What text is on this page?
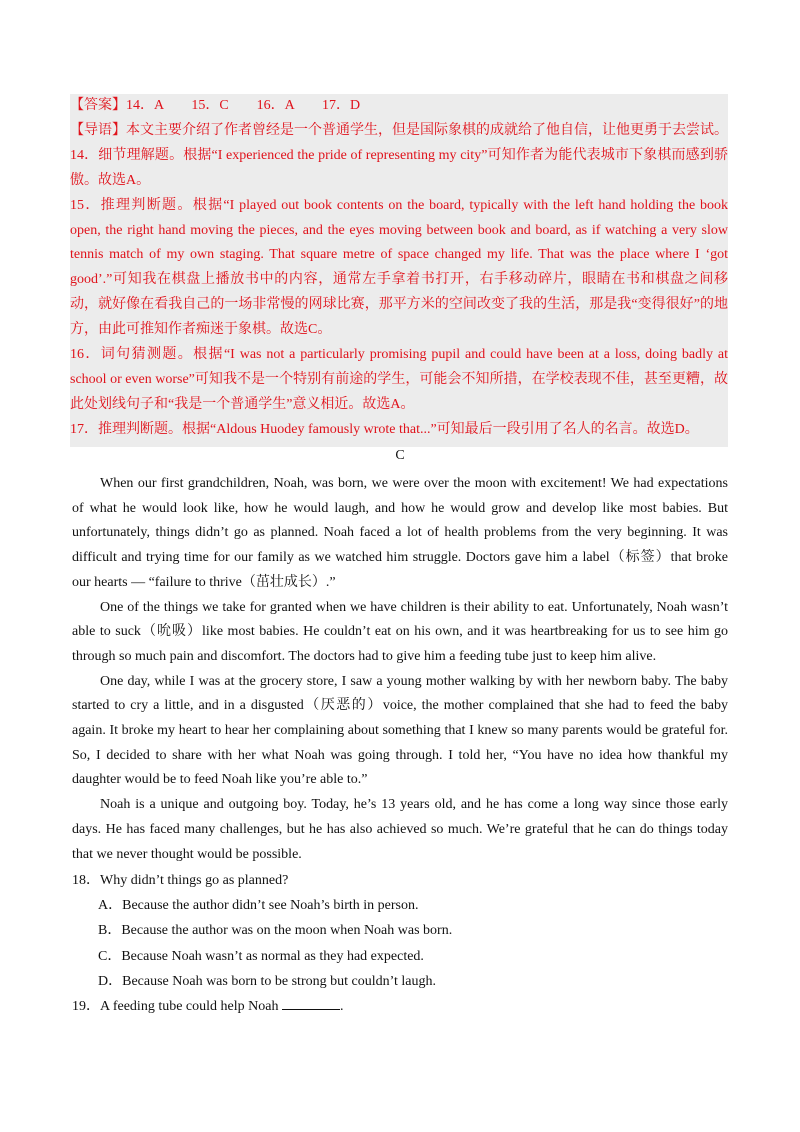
【答案】14．A　　15．C　　16．A　　17．D

【导语】本文主要介绍了作者曾经是一个普通学生，但是国际象棋的成就给了他自信，让他更勇于去尝试。

14．细节理解题。根据“I experienced the pride of representing my city”可知作者为能代表城市下象棋而感到骄傲。故选A。

15．推理判断题。根据“I played out book contents on the board, typically with the left hand holding the book open, the right hand moving the pieces, and the eyes moving between book and board, as if watching a very slow tennis match of my own staging. That square metre of space changed my life. That was the place where I ‘got good’.”可知我在棋盘上播放书中的内容，通常左手拿着书打开，右手移动碎片，眼睛在书和棋盘之间移动，就好像在看我自己的一场非常慢的网球比赛，那平方米的空间改变了我的生活，那是我“变得很好”的地方，由此可推知作者痴迷于象棋。故选C。

16．词句猜测题。根据“I was not a particularly promising pupil and could have been at a loss, doing badly at school or even worse”可知我不是一个特别有前途的学生，可能会不知所措，在学校表现不佳，甚至更糟，故此处划线句子和“我是一个普通学生”意义相近。故选A。

17．推理判断题。根据“Aldous Huodey famously wrote that...”可知最后一段引用了名人的名言。故选D。

C

When our first grandchildren, Noah, was born, we were over the moon with excitement! We had expectations of what he would look like, how he would laugh, and how he would grow and develop like most babies. But unfortunately, things didn’t go as planned. Noah faced a lot of health problems from the very beginning. It was difficult and trying time for our family as we watched him struggle. Doctors gave him a label（标签）that broke our hearts — “failure to thrive（茁壮成长）.”

One of the things we take for granted when we have children is their ability to eat. Unfortunately, Noah wasn’t able to suck（吮吸）like most babies. He couldn’t eat on his own, and it was heartbreaking for us to see him go through so much pain and discomfort. The doctors had to give him a feeding tube just to keep him alive.

One day, while I was at the grocery store, I saw a young mother walking by with her newborn baby. The baby started to cry a little, and in a disgusted（厌恶的）voice, the mother complained that she had to feed the baby again. It broke my heart to hear her complaining about something that I knew so many parents would be grateful for. So, I decided to share with her what Noah was going through. I told her, “You have no idea how thankful my daughter would be to feed Noah like you’re able to.”

Noah is a unique and outgoing boy. Today, he’s 13 years old, and he has come a long way since those early days. He has faced many challenges, but he has also achieved so much. We’re grateful that he can do things today that we never thought would be possible.

18．Why didn’t things go as planned?

A．Because the author didn’t see Noah’s birth in person.

B．Because the author was on the moon when Noah was born.

C．Because Noah wasn’t as normal as they had expected.

D．Because Noah was born to be strong but couldn’t laugh.

19．A feeding tube could help Noah	.
